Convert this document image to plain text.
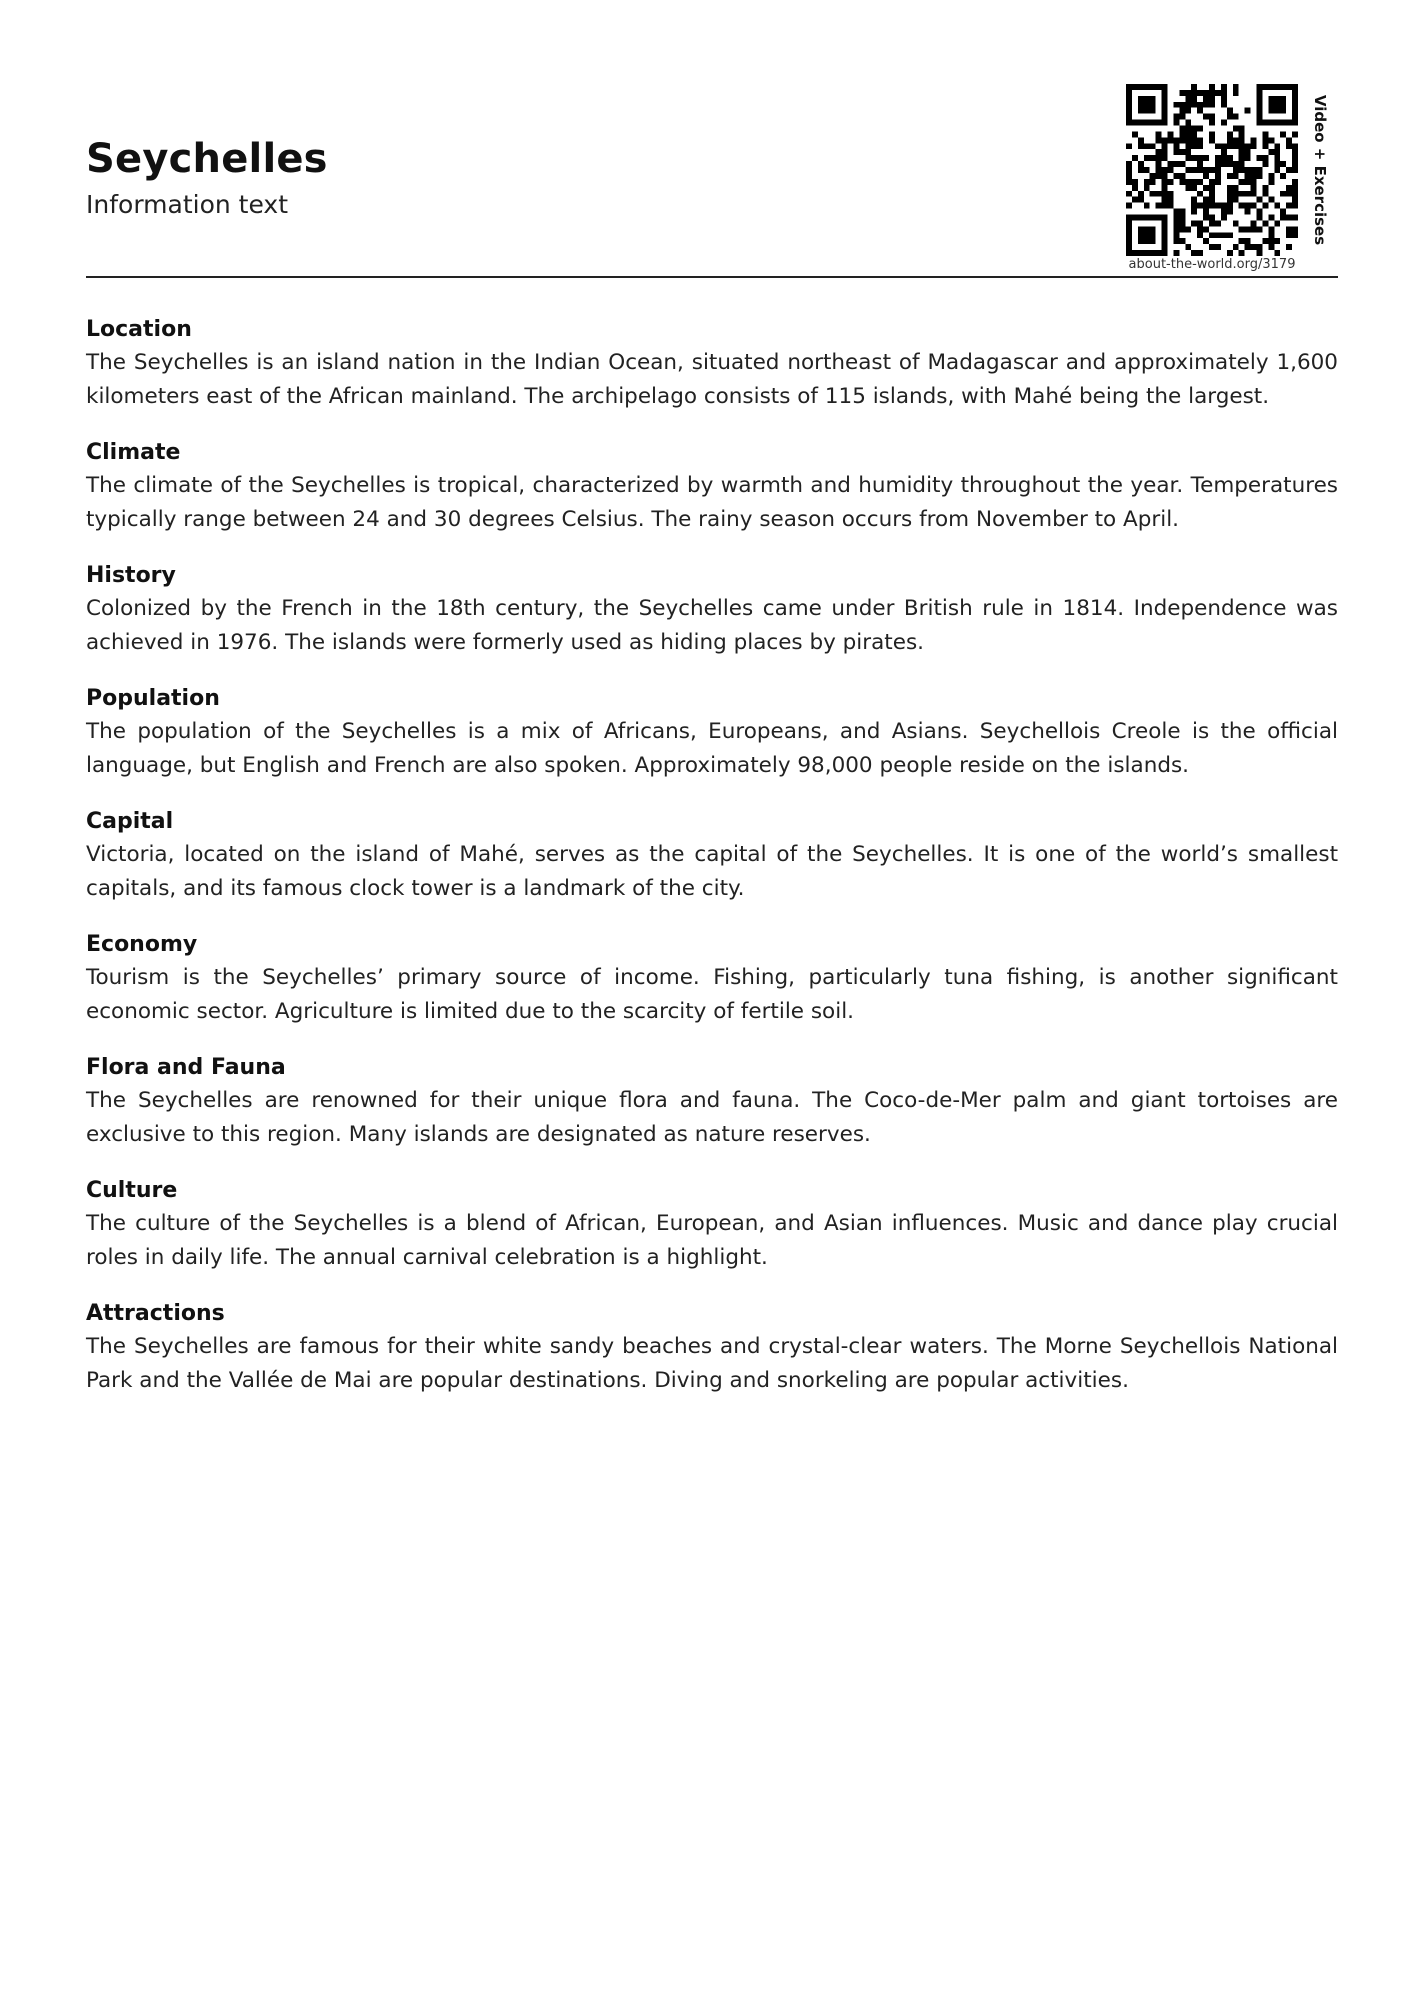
Seychelles

Information text

about-the-world.org/3179
Video + Exercises
Location

The Seychelles is an island nation in the Indian Ocean, situated northeast of Madagascar and approximately 1,600 kilometers east of the African mainland. The archipelago consists of 115 islands, with Mahé being the largest.

Climate

The climate of the Seychelles is tropical, characterized by warmth and humidity throughout the year. Temperatures typically range between 24 and 30 degrees Celsius. The rainy season occurs from November to April.

History

Colonized by the French in the 18th century, the Seychelles came under British rule in 1814. Independence was achieved in 1976. The islands were formerly used as hiding places by pirates.

Population

The population of the Seychelles is a mix of Africans, Europeans, and Asians. Seychellois Creole is the official language, but English and French are also spoken. Approximately 98,000 people reside on the islands.

Capital

Victoria, located on the island of Mahé, serves as the capital of the Seychelles. It is one of the world’s smallest capitals, and its famous clock tower is a landmark of the city.

Economy

Tourism is the Seychelles’ primary source of income. Fishing, particularly tuna fishing, is another significant economic sector. Agriculture is limited due to the scarcity of fertile soil.

Flora and Fauna

The Seychelles are renowned for their unique flora and fauna. The Coco-de-Mer palm and giant tortoises are exclusive to this region. Many islands are designated as nature reserves.

Culture

The culture of the Seychelles is a blend of African, European, and Asian influences. Music and dance play crucial roles in daily life. The annual carnival celebration is a highlight.

Attractions

The Seychelles are famous for their white sandy beaches and crystal-clear waters. The Morne Seychellois National Park and the Vallée de Mai are popular destinations. Diving and snorkeling are popular activities.
